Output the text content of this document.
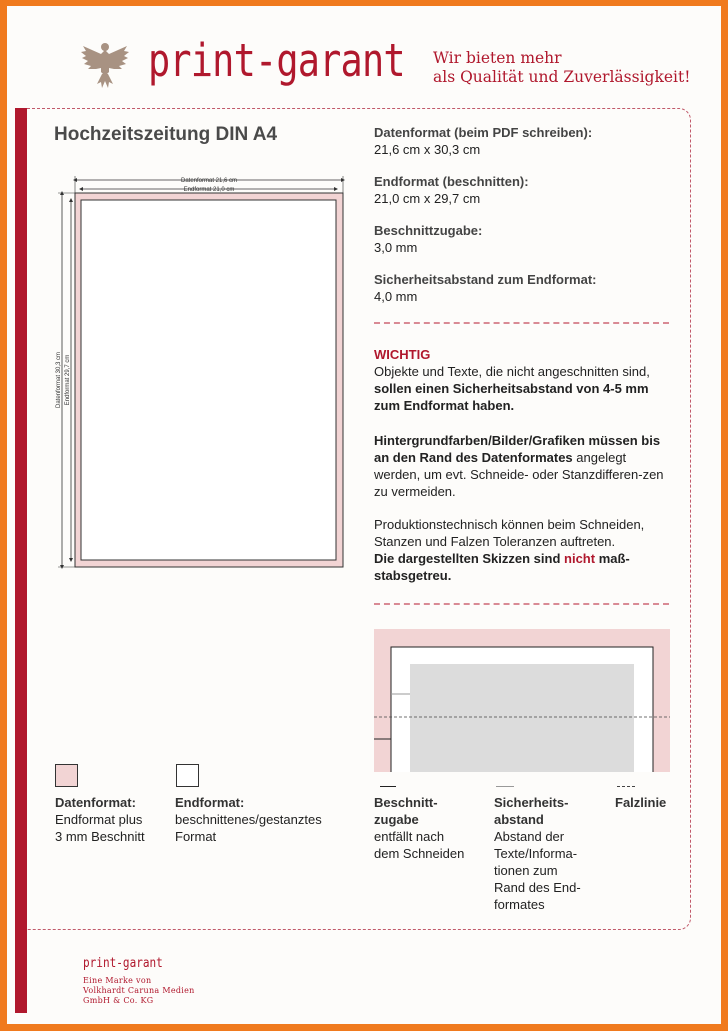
print-garant Wir bieten mehr
als Qualität und Zuverlässigkeit!
Hochzeitszeitung DIN A4
Datenformat 21,6 cm
Endformat 21,0 cm
Datenformat 30,3 cm Endformat 29,7 cm
Datenformat (beim PDF schreiben):
21,6 cm x 30,3 cm
Endformat (beschnitten):
21,0 cm x 29,7 cm
Beschnittzugabe:
3,0 mm
Sicherheitsabstand zum Endformat:
4,0 mm
WICHTIG
Objekte und Texte, die nicht angeschnitten sind,
sollen einen Sicherheitsabstand von 4-5 mm zum Endformat haben.
Hintergrundfarben/Bilder/Grafiken müssen bis an den Rand des Datenformates angelegt werden, um evt. Schneide- oder Stanzdifferen-zen zu vermeiden.
Produktionstechnisch können beim Schneiden, Stanzen und Falzen Toleranzen auftreten.
Die dargestellten Skizzen sind nicht maß-stabsgetreu.
Datenformat:
Endformat plus
3 mm Beschnitt
Endformat:
beschnittenes/gestanztes
Format
Beschnitt-
zugabe
entfällt nach
dem Schneiden
Sicherheits-
abstand
Abstand der
Texte/Informa-
tionen zum
Rand des End-
formates
Falzlinie
print-garant
Eine Marke von
Volkhardt Caruna Medien
GmbH & Co. KG
